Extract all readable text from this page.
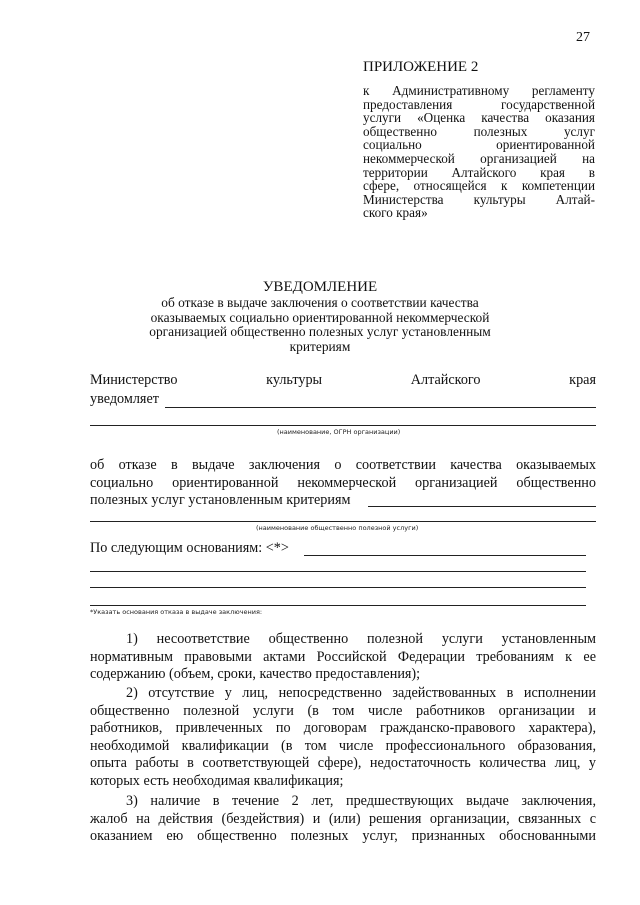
27
ПРИЛОЖЕНИЕ 2
к Административному регламенту
предоставления государственной
услуги «Оценка качества оказания
общественно полезных услуг
социально ориентированной
некоммерческой организацией на
территории Алтайского края в
сфере, относящейся к компетенции
Министерства культуры Алтай-
ского края»
УВЕДОМЛЕНИЕ
об отказе в выдаче заключения о соответствии качества
оказываемых социально ориентированной некоммерческой
организацией общественно полезных услуг установленным
критериям
Министерство	культуры	Алтайского	края
уведомляет
(наименование, ОГРН организации)
об отказе в выдаче заключения о соответствии качества оказываемых
социально ориентированной некоммерческой организацией общественно
полезных услуг установленным критериям
(наименование общественно полезной услуги)
По следующим основаниям: <*>
*Указать основания отказа в выдаче заключения:
1) несоответствие общественно полезной услуги установленным
нормативным правовыми актами Российской Федерации требованиям к ее
содержанию (объем, сроки, качество предоставления);
2) отсутствие у лиц, непосредственно задействованных в исполнении
общественно полезной услуги (в том числе работников организации и
работников, привлеченных по договорам гражданско-правового характера),
необходимой квалификации (в том числе профессионального образования,
опыта работы в соответствующей сфере), недостаточность количества лиц, у
которых есть необходимая квалификация;
3) наличие в течение 2 лет, предшествующих выдаче заключения,
жалоб на действия (бездействия) и (или) решения организации, связанных с
оказанием ею общественно полезных услуг, признанных обоснованными
